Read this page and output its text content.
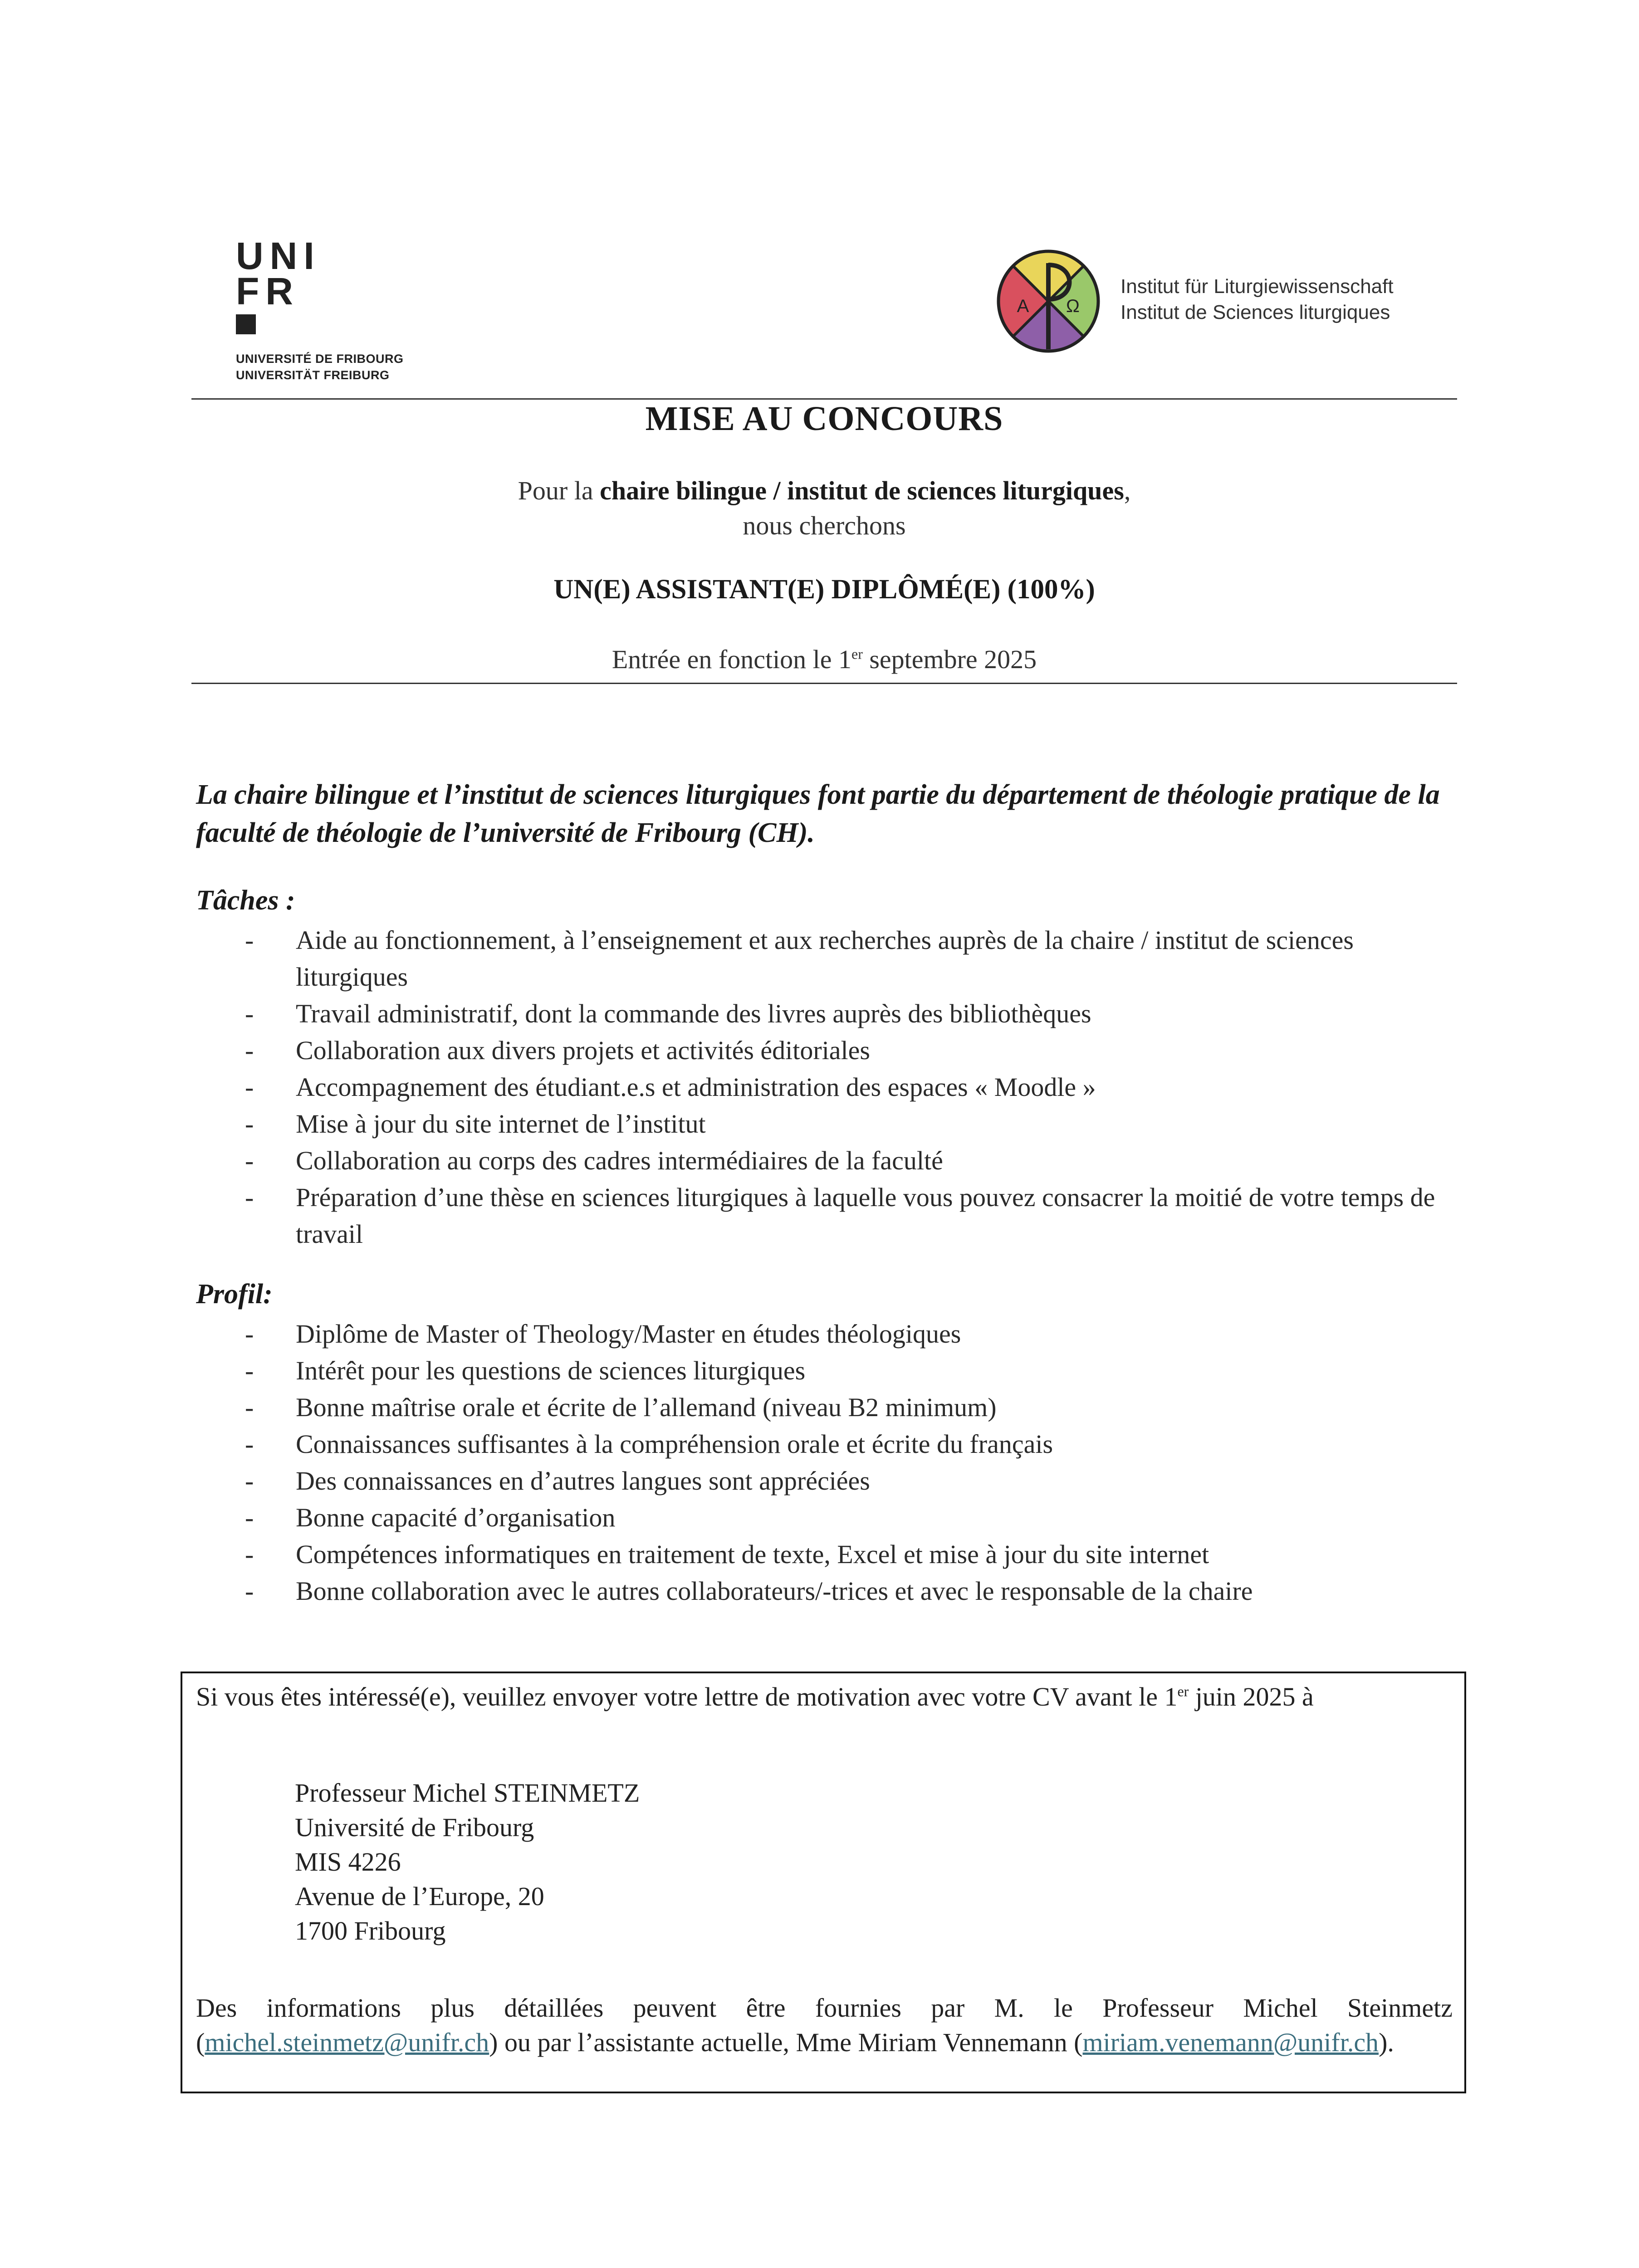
UNI
FR
UNIVERSITÉ DE FRIBOURG
UNIVERSITÄT FREIBURG
A Ω
Institut für Liturgiewissenschaft
Institut de Sciences liturgiques
MISE AU CONCOURS
Pour la chaire bilingue / institut de sciences liturgiques,
nous cherchons
UN(E) ASSISTANT(E) DIPLÔMÉ(E) (100%)
Entrée en fonction le 1er septembre 2025
La chaire bilingue et l’institut de sciences liturgiques font partie du département de théologie pratique de la faculté de théologie de l’université de Fribourg (CH).
Tâches :
-	Aide au fonctionnement, à l’enseignement et aux recherches auprès de la chaire / institut de sciences liturgiques
-	Travail administratif, dont la commande des livres auprès des bibliothèques
-	Collaboration aux divers projets et activités éditoriales
-	Accompagnement des étudiant.e.s et administration des espaces « Moodle »
-	Mise à jour du site internet de l’institut
-	Collaboration au corps des cadres intermédiaires de la faculté
-	Préparation d’une thèse en sciences liturgiques à laquelle vous pouvez consacrer la moitié de votre temps de travail
Profil:
-	Diplôme de Master of Theology/Master en études théologiques
-	Intérêt pour les questions de sciences liturgiques
-	Bonne maîtrise orale et écrite de l’allemand (niveau B2 minimum)
-	Connaissances suffisantes à la compréhension orale et écrite du français
-	Des connaissances en d’autres langues sont appréciées
-	Bonne capacité d’organisation
-	Compétences informatiques en traitement de texte, Excel et mise à jour du site internet
-	Bonne collaboration avec le autres collaborateurs/-trices et avec le responsable de la chaire
Si vous êtes intéressé(e), veuillez envoyer votre lettre de motivation avec votre CV avant le 1er juin 2025 à
Professeur Michel STEINMETZ
Université de Fribourg
MIS 4226
Avenue de l’Europe, 20
1700 Fribourg
Des informations plus détaillées peuvent être fournies par M. le Professeur Michel Steinmetz (michel.steinmetz@unifr.ch) ou par l’assistante actuelle, Mme Miriam Vennemann (miriam.venemann@unifr.ch).
